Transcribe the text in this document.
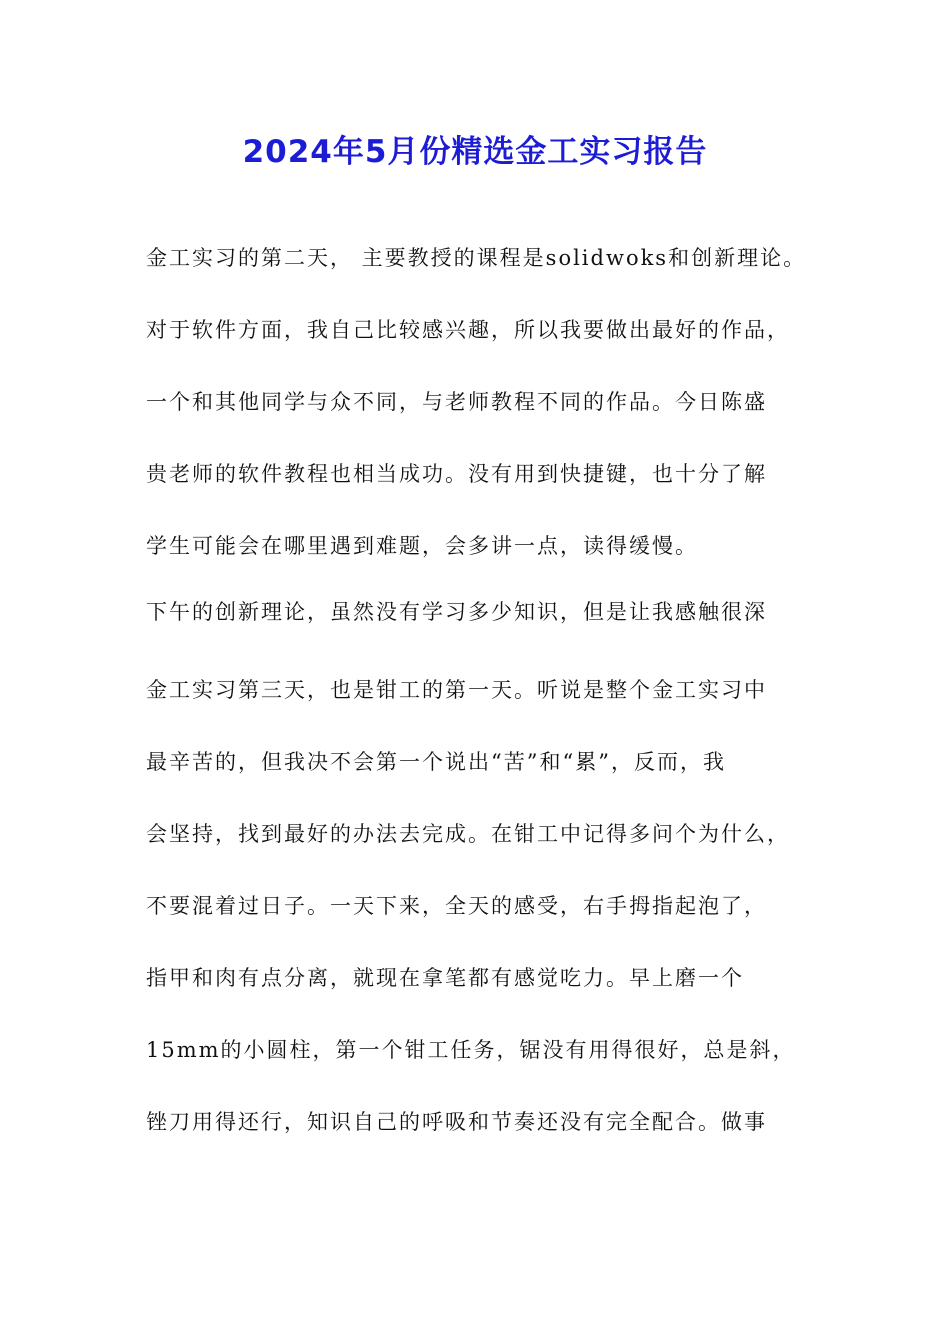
2024年5月份精选金工实习报告
金工实习的第二天， 主要教授的课程是solidwoks和创新理论。
对于软件方面，我自己比较感兴趣，所以我要做出最好的作品，
一个和其他同学与众不同，与老师教程不同的作品。今日陈盛
贵老师的软件教程也相当成功。没有用到快捷键，也十分了解
学生可能会在哪里遇到难题，会多讲一点，读得缓慢。
下午的创新理论，虽然没有学习多少知识，但是让我感触很深
金工实习第三天，也是钳工的第一天。听说是整个金工实习中
最辛苦的，但我决不会第一个说出“苦”和“累”，反而，我
会坚持，找到最好的办法去完成。在钳工中记得多问个为什么，
不要混着过日子。一天下来，全天的感受，右手拇指起泡了，
指甲和肉有点分离，就现在拿笔都有感觉吃力。早上磨一个
15mm的小圆柱，第一个钳工任务，锯没有用得很好，总是斜，
锉刀用得还行，知识自己的呼吸和节奏还没有完全配合。做事
